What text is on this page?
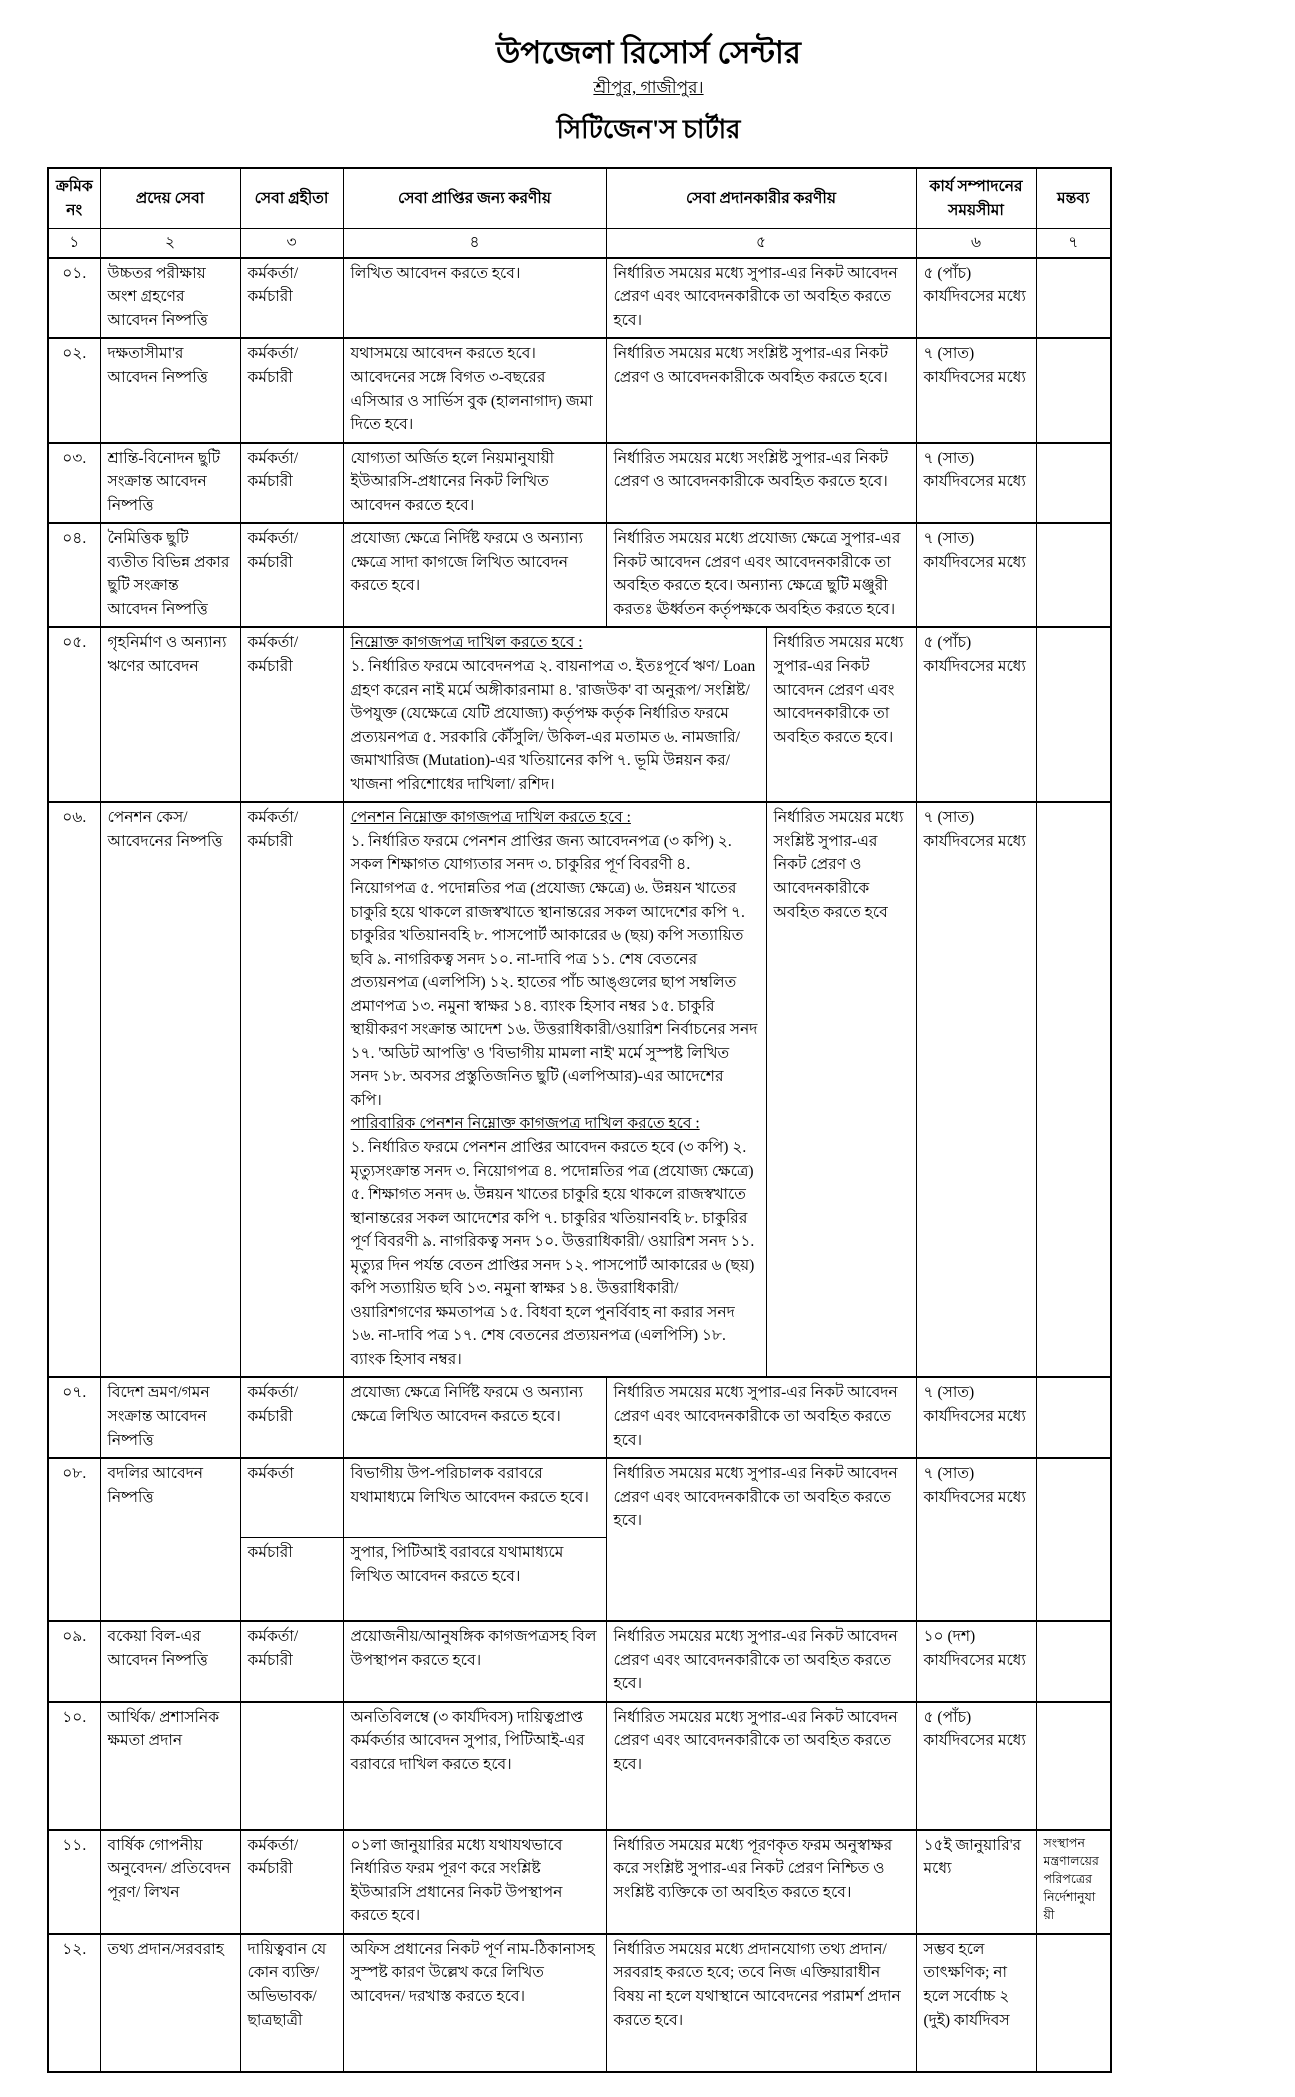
উপজেলা রিসোর্স সেন্টার
শ্রীপুর, গাজীপুর।
সিটিজেন'স চার্টার
ক্রমিক নং	প্রদেয় সেবা	সেবা গ্রহীতা	সেবা প্রাপ্তির জন্য করণীয়	সেবা প্রদানকারীর করণীয়		কার্য সম্পাদনের সময়সীমা	মন্তব্য
১	২	৩	৪	৫		৬	৭
০১.	উচ্চতর পরীক্ষায় অংশ গ্রহণের আবেদন নিষ্পত্তি	কর্মকর্তা/কর্মচারী	লিখিত আবেদন করতে হবে।	নির্ধারিত সময়ের মধ্যে সুপার-এর নিকট আবেদন প্রেরণ এবং আবেদনকারীকে তা অবহিত করতে হবে।		৫ (পাঁচ) কার্যদিবসের মধ্যে	
০২.	দক্ষতাসীমা'র আবেদন নিষ্পত্তি	কর্মকর্তা/কর্মচারী	যথাসময়ে আবেদন করতে হবে। আবেদনের সঙ্গে বিগত ৩-বছরের এসিআর ও সার্ভিস বুক (হালনাগাদ) জমা দিতে হবে।	নির্ধারিত সময়ের মধ্যে সংশ্লিষ্ট সুপার-এর নিকট প্রেরণ ও আবেদনকারীকে অবহিত করতে হবে।		৭ (সাত) কার্যদিবসের মধ্যে	
০৩.	শ্রান্তি-বিনোদন ছুটি সংক্রান্ত আবেদন নিষ্পত্তি	কর্মকর্তা/কর্মচারী	যোগ্যতা অর্জিত হলে নিয়মানুযায়ী ইউআরসি-প্রধানের নিকট লিখিত আবেদন করতে হবে।	নির্ধারিত সময়ের মধ্যে সংশ্লিষ্ট সুপার-এর নিকট প্রেরণ ও আবেদনকারীকে অবহিত করতে হবে।		৭ (সাত) কার্যদিবসের মধ্যে	
০৪.	নৈমিত্তিক ছুটি ব্যতীত বিভিন্ন প্রকার ছুটি সংক্রান্ত আবেদন নিষ্পত্তি	কর্মকর্তা/কর্মচারী	প্রযোজ্য ক্ষেত্রে নির্দিষ্ট ফরমে ও অন্যান্য ক্ষেত্রে সাদা কাগজে লিখিত আবেদন করতে হবে।	নির্ধারিত সময়ের মধ্যে প্রযোজ্য ক্ষেত্রে সুপার-এর নিকট আবেদন প্রেরণ এবং আবেদনকারীকে তা অবহিত করতে হবে। অন্যান্য ক্ষেত্রে ছুটি মঞ্জুরী করতঃ ঊর্ধ্বতন কর্তৃপক্ষকে অবহিত করতে হবে।		৭ (সাত) কার্যদিবসের মধ্যে	
০৫.	গৃহনির্মাণ ও অন্যান্য ঋণের আবেদন	কর্মকর্তা/কর্মচারী	নিম্নোক্ত কাগজপত্র দাখিল করতে হবে :
১. নির্ধারিত ফরমে আবেদনপত্র ২. বায়নাপত্র ৩. ইতঃপূর্বে ঋণ/ Loan গ্রহণ করেন নাই মর্মে অঙ্গীকারনামা ৪. 'রাজউক' বা অনুরূপ/ সংশ্লিষ্ট/ উপযুক্ত (যেক্ষেত্রে যেটি প্রযোজ্য) কর্তৃপক্ষ কর্তৃক নির্ধারিত ফরমে প্রত্যয়নপত্র ৫. সরকারি কৌঁসুলি/ উকিল-এর মতামত ৬. নামজারি/জমাখারিজ (Mutation)-এর খতিয়ানের কপি ৭. ভূমি উন্নয়ন কর/ খাজনা পরিশোধের দাখিলা/ রশিদ।		নির্ধারিত সময়ের মধ্যে সুপার-এর নিকট আবেদন প্রেরণ এবং আবেদনকারীকে তা অবহিত করতে হবে।	৫ (পাঁচ) কার্যদিবসের মধ্যে	
০৬.	পেনশন কেস/ আবেদনের নিষ্পত্তি	কর্মকর্তা/কর্মচারী	পেনশন নিম্নোক্ত কাগজপত্র দাখিল করতে হবে :
১. নির্ধারিত ফরমে পেনশন প্রাপ্তির জন্য আবেদনপত্র (৩ কপি) ২. সকল শিক্ষাগত যোগ্যতার সনদ ৩. চাকুরির পূর্ণ বিবরণী ৪. নিয়োগপত্র ৫. পদোন্নতির পত্র (প্রযোজ্য ক্ষেত্রে) ৬. উন্নয়ন খাতের চাকুরি হয়ে থাকলে রাজস্বখাতে স্থানান্তরের সকল আদেশের কপি ৭. চাকুরির খতিয়ানবহি ৮. পাসপোর্ট আকারের ৬ (ছয়) কপি সত্যায়িত ছবি ৯. নাগরিকত্ব সনদ ১০. না-দাবি পত্র ১১. শেষ বেতনের প্রত্যয়নপত্র (এলপিসি) ১২. হাতের পাঁচ আঙ্গুলের ছাপ সম্বলিত প্রমাণপত্র ১৩. নমুনা স্বাক্ষর ১৪. ব্যাংক হিসাব নম্বর ১৫. চাকুরি স্থায়ীকরণ সংক্রান্ত আদেশ ১৬. উত্তরাধিকারী/ওয়ারিশ নির্বাচনের সনদ ১৭. 'অডিট আপত্তি' ও 'বিভাগীয় মামলা নাই' মর্মে সুস্পষ্ট লিখিত সনদ ১৮. অবসর প্রস্তুতিজনিত ছুটি (এলপিআর)-এর আদেশের কপি।
পারিবারিক পেনশন নিম্নোক্ত কাগজপত্র দাখিল করতে হবে :
১. নির্ধারিত ফরমে পেনশন প্রাপ্তির আবেদন করতে হবে (৩ কপি) ২. মৃত্যুসংক্রান্ত সনদ ৩. নিয়োগপত্র ৪. পদোন্নতির পত্র (প্রযোজ্য ক্ষেত্রে) ৫. শিক্ষাগত সনদ ৬. উন্নয়ন খাতের চাকুরি হয়ে থাকলে রাজস্বখাতে স্থানান্তরের সকল আদেশের কপি ৭. চাকুরির খতিয়ানবহি ৮. চাকুরির পূর্ণ বিবরণী ৯. নাগরিকত্ব সনদ ১০. উত্তরাধিকারী/ ওয়ারিশ সনদ ১১. মৃত্যুর দিন পর্যন্ত বেতন প্রাপ্তির সনদ ১২. পাসপোর্ট আকারের ৬ (ছয়) কপি সত্যায়িত ছবি ১৩. নমুনা স্বাক্ষর ১৪. উত্তরাধিকারী/ ওয়ারিশগণের ক্ষমতাপত্র ১৫. বিধবা হলে পুনর্বিবাহ না করার সনদ ১৬. না-দাবি পত্র ১৭. শেষ বেতনের প্রত্যয়নপত্র (এলপিসি) ১৮. ব্যাংক হিসাব নম্বর।		নির্ধারিত সময়ের মধ্যে সংশ্লিষ্ট সুপার-এর নিকট প্রেরণ ও আবেদনকারীকে অবহিত করতে হবে	৭ (সাত) কার্যদিবসের মধ্যে	
০৭.	বিদেশ ভ্রমণ/গমন সংক্রান্ত আবেদন নিষ্পত্তি	কর্মকর্তা/কর্মচারী	প্রযোজ্য ক্ষেত্রে নির্দিষ্ট ফরমে ও অন্যান্য ক্ষেত্রে লিখিত আবেদন করতে হবে।	নির্ধারিত সময়ের মধ্যে সুপার-এর নিকট আবেদন প্রেরণ এবং আবেদনকারীকে তা অবহিত করতে হবে।		৭ (সাত) কার্যদিবসের মধ্যে	
০৮.	বদলির আবেদন নিষ্পত্তি	কর্মকর্তা	বিভাগীয় উপ-পরিচালক বরাবরে যথামাধ্যমে লিখিত আবেদন করতে হবে।	নির্ধারিত সময়ের মধ্যে সুপার-এর নিকট আবেদন প্রেরণ এবং আবেদনকারীকে তা অবহিত করতে হবে।		৭ (সাত) কার্যদিবসের মধ্যে	
		কর্মচারী	সুপার, পিটিআই বরাবরে যথামাধ্যমে লিখিত আবেদন করতে হবে।				
০৯.	বকেয়া বিল-এর আবেদন নিষ্পত্তি	কর্মকর্তা/কর্মচারী	প্রয়োজনীয়/আনুষঙ্গিক কাগজপত্রসহ বিল উপস্থাপন করতে হবে।	নির্ধারিত সময়ের মধ্যে সুপার-এর নিকট আবেদন প্রেরণ এবং আবেদনকারীকে তা অবহিত করতে হবে।		১০ (দশ) কার্যদিবসের মধ্যে	
১০.	আর্থিক/ প্রশাসনিক ক্ষমতা প্রদান		অনতিবিলম্বে (৩ কার্যদিবস) দায়িত্বপ্রাপ্ত কর্মকর্তার আবেদন সুপার, পিটিআই-এর বরাবরে দাখিল করতে হবে।	নির্ধারিত সময়ের মধ্যে সুপার-এর নিকট আবেদন প্রেরণ এবং আবেদনকারীকে তা অবহিত করতে হবে।		৫ (পাঁচ) কার্যদিবসের মধ্যে	
১১.	বার্ষিক গোপনীয় অনুবেদন/ প্রতিবেদন পূরণ/ লিখন	কর্মকর্তা/কর্মচারী	০১লা জানুয়ারির মধ্যে যথাযথভাবে নির্ধারিত ফরম পূরণ করে সংশ্লিষ্ট ইউআরসি প্রধানের নিকট উপস্থাপন করতে হবে।	নির্ধারিত সময়ের মধ্যে পূরণকৃত ফরম অনুস্বাক্ষর করে সংশ্লিষ্ট সুপার-এর নিকট প্রেরণ নিশ্চিত ও সংশ্লিষ্ট ব্যক্তিকে তা অবহিত করতে হবে।		১৫ই জানুয়ারি'র মধ্যে	সংস্থাপন মন্ত্রণালয়ের পরিপত্রের নির্দেশানুযায়ী
১২.	তথ্য প্রদান/সরবরাহ	দায়িত্ববান যে কোন ব্যক্তি/ অভিভাবক/ছাত্রছাত্রী	অফিস প্রধানের নিকট পূর্ণ নাম-ঠিকানাসহ সুস্পষ্ট কারণ উল্লেখ করে লিখিত আবেদন/ দরখাস্ত করতে হবে।	নির্ধারিত সময়ের মধ্যে প্রদানযোগ্য তথ্য প্রদান/ সরবরাহ করতে হবে; তবে নিজ এক্তিয়ারাধীন বিষয় না হলে যথাস্থানে আবেদনের পরামর্শ প্রদান করতে হবে।		সম্ভব হলে তাৎক্ষণিক; না হলে সর্বোচ্চ ২ (দুই) কার্যদিবস	
